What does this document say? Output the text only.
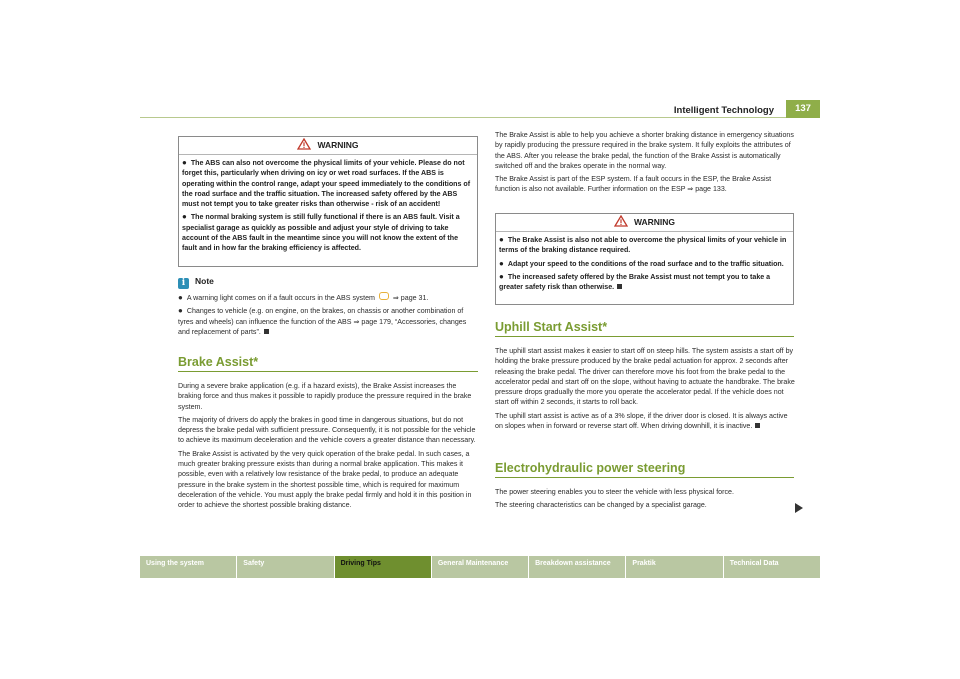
Intelligent Technology	137
WARNING

● The ABS can also not overcome the physical limits of your vehicle. Please do not forget this, particularly when driving on icy or wet road surfaces. If the ABS is operating within the control range, adapt your speed immediately to the conditions of the road surface and the traffic situation. The increased safety offered by the ABS must not tempt you to take greater risks than otherwise - risk of an accident!

● The normal braking system is still fully functional if there is an ABS fault. Visit a specialist garage as quickly as possible and adjust your style of driving to take account of the ABS fault in the meantime since you will not know the extent of the fault and in how far the braking efficiency is affected.

i Note

● A warning light comes on if a fault occurs in the ABS system	⇒ page 31.

● Changes to vehicle (e.g. on engine, on the brakes, on chassis or another combination of tyres and wheels) can influence the function of the ABS ⇒ page 179, “Accessories, changes and replacement of parts”.

Brake Assist*

During a severe brake application (e.g. if a hazard exists), the Brake Assist increases the braking force and thus makes it possible to rapidly produce the pressure required in the brake system.

The majority of drivers do apply the brakes in good time in dangerous situations, but do not depress the brake pedal with sufficient pressure. Consequently, it is not possible for the vehicle to achieve its maximum deceleration and the vehicle covers a greater distance than necessary.

The Brake Assist is activated by the very quick operation of the brake pedal. In such cases, a much greater braking pressure exists than during a normal brake application. This makes it possible, even with a relatively low resistance of the brake pedal, to produce an adequate pressure in the brake system in the shortest possible time, which is required for maximum deceleration of the vehicle. You must apply the brake pedal firmly and hold it in this position in order to achieve the shortest possible braking distance.

The Brake Assist is able to help you achieve a shorter braking distance in emergency situations by rapidly producing the pressure required in the brake system. It fully exploits the attributes of the ABS. After you release the brake pedal, the function of the Brake Assist is automatically switched off and the brakes operate in the normal way.

The Brake Assist is part of the ESP system. If a fault occurs in the ESP, the Brake Assist function is also not available. Further information on the ESP ⇒ page 133.

WARNING

● The Brake Assist is also not able to overcome the physical limits of your vehicle in terms of the braking distance required.

● Adapt your speed to the conditions of the road surface and to the traffic situation.

● The increased safety offered by the Brake Assist must not tempt you to take a greater safety risk than otherwise.

Uphill Start Assist*

The uphill start assist makes it easier to start off on steep hills. The system assists a start off by holding the brake pressure produced by the brake pedal actuation for approx. 2 seconds after releasing the brake pedal. The driver can therefore move his foot from the brake pedal to the accelerator pedal and start off on the slope, without having to actuate the handbrake. The brake pressure drops gradually the more you operate the accelerator pedal. If the vehicle does not start off within 2 seconds, it starts to roll back.

The uphill start assist is active as of a 3% slope, if the driver door is closed. It is always active on slopes when in forward or reverse start off. When driving downhill, it is inactive.

Electrohydraulic power steering

The power steering enables you to steer the vehicle with less physical force.

The steering characteristics can be changed by a specialist garage.

Using the system	Safety	Driving Tips	General Maintenance	Breakdown assistance	Praktik	Technical Data
